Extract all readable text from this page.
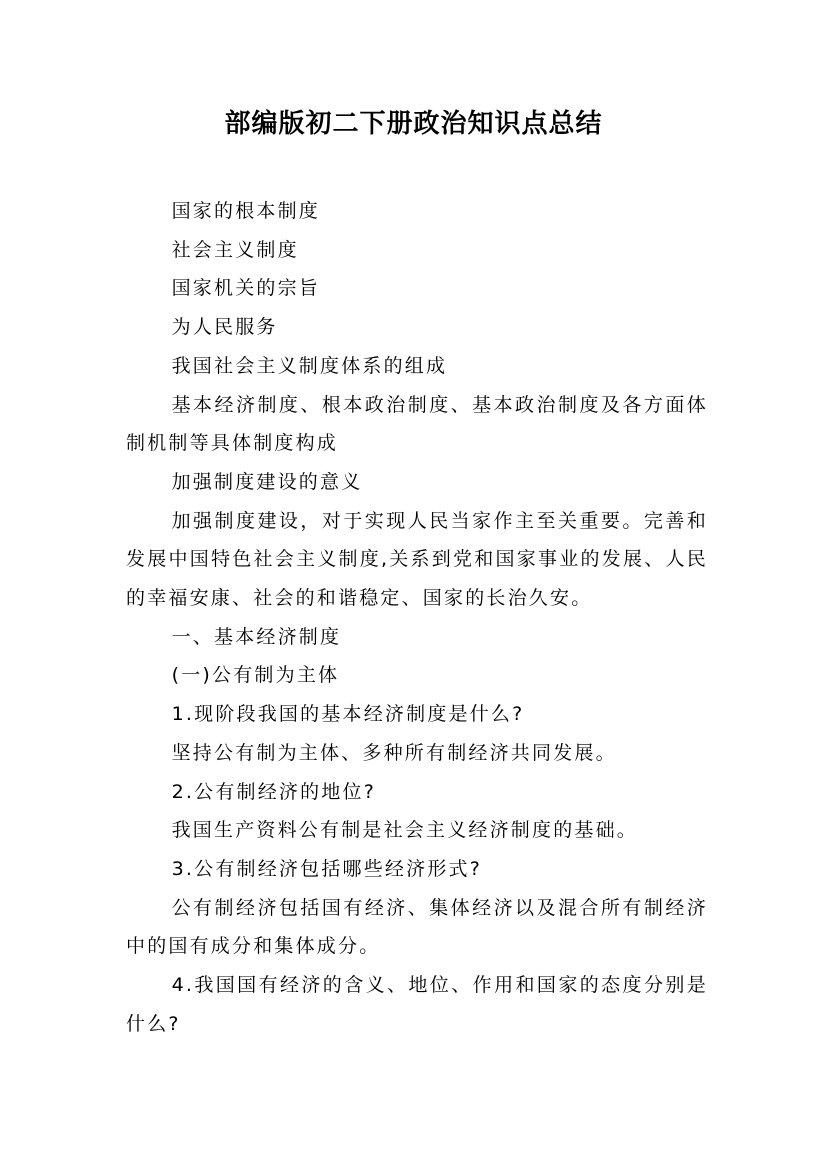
部编版初二下册政治知识点总结

国家的根本制度

社会主义制度

国家机关的宗旨

为人民服务

我国社会主义制度体系的组成

基本经济制度、根本政治制度、基本政治制度及各方面体制机制等具体制度构成

加强制度建设的意义

加强制度建设，对于实现人民当家作主至关重要。完善和发展中国特色社会主义制度,关系到党和国家事业的发展、人民的幸福安康、社会的和谐稳定、国家的长治久安。

一、基本经济制度

(一)公有制为主体

1.现阶段我国的基本经济制度是什么?

坚持公有制为主体、多种所有制经济共同发展。

2.公有制经济的地位?

我国生产资料公有制是社会主义经济制度的基础。

3.公有制经济包括哪些经济形式?

公有制经济包括国有经济、集体经济以及混合所有制经济中的国有成分和集体成分。

4.我国国有经济的含义、地位、作用和国家的态度分别是什么?
